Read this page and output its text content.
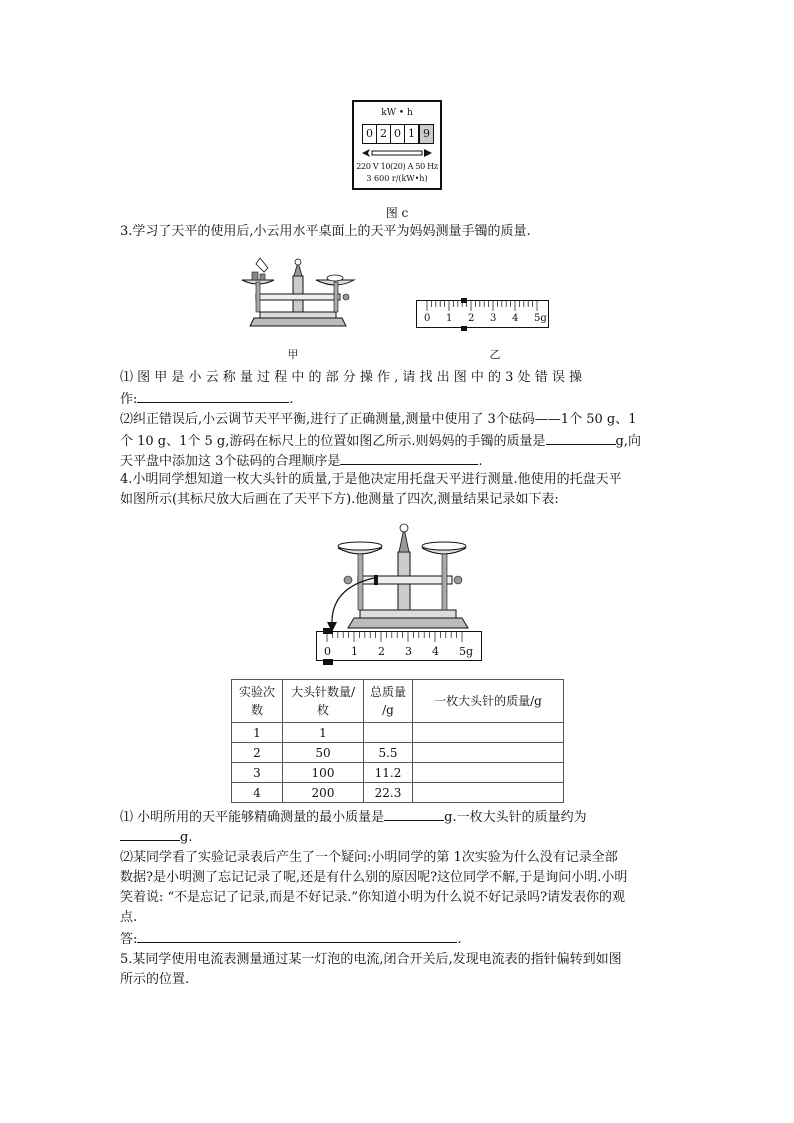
kW • h
0 2 0 1 9
220 V 10(20) A 50 Hz
3 600 r/(kW•h)
图 c
3.学习了天平的使用后,小云用水平桌面上的天平为妈妈测量手镯的质量.
甲
0 1 2 3 4 5g
乙
⑴ 图 甲 是 小 云 称 量 过 程 中 的 部 分 操 作 , 请 找 出 图 中 的 3 处 错 误 操
作:	.
⑵纠正错误后,小云调节天平平衡,进行了正确测量,测量中使用了 3个砝码——1个 50 g、1
个 10 g、1个 5 g,游码在标尺上的位置如图乙所示.则妈妈的手镯的质量是	g,向
天平盘中添加这 3个砝码的合理顺序是	.
4.小明同学想知道一枚大头针的质量,于是他决定用托盘天平进行测量.他使用的托盘天平
如图所示(其标尺放大后画在了天平下方).他测量了四次,测量结果记录如下表:
0 1 2 3 4 5g
实验次
数	大头针数量/
枚	总质量
/g	一枚大头针的质量/g
1	1		
2	50	5.5	
3	100	11.2	
4	200	22.3	
⑴ 小明所用的天平能够精确测量的最小质量是	g.一枚大头针的质量约为
g.
⑵某同学看了实验记录表后产生了一个疑问:小明同学的第 1次实验为什么没有记录全部
数据?是小明测了忘记记录了呢,还是有什么别的原因呢?这位同学不解,于是询问小明.小明
笑着说: “不是忘记了记录,而是不好记录.”你知道小明为什么说不好记录吗?请发表你的观
点.
答:	.
5.某同学使用电流表测量通过某一灯泡的电流,闭合开关后,发现电流表的指针偏转到如图
所示的位置.
